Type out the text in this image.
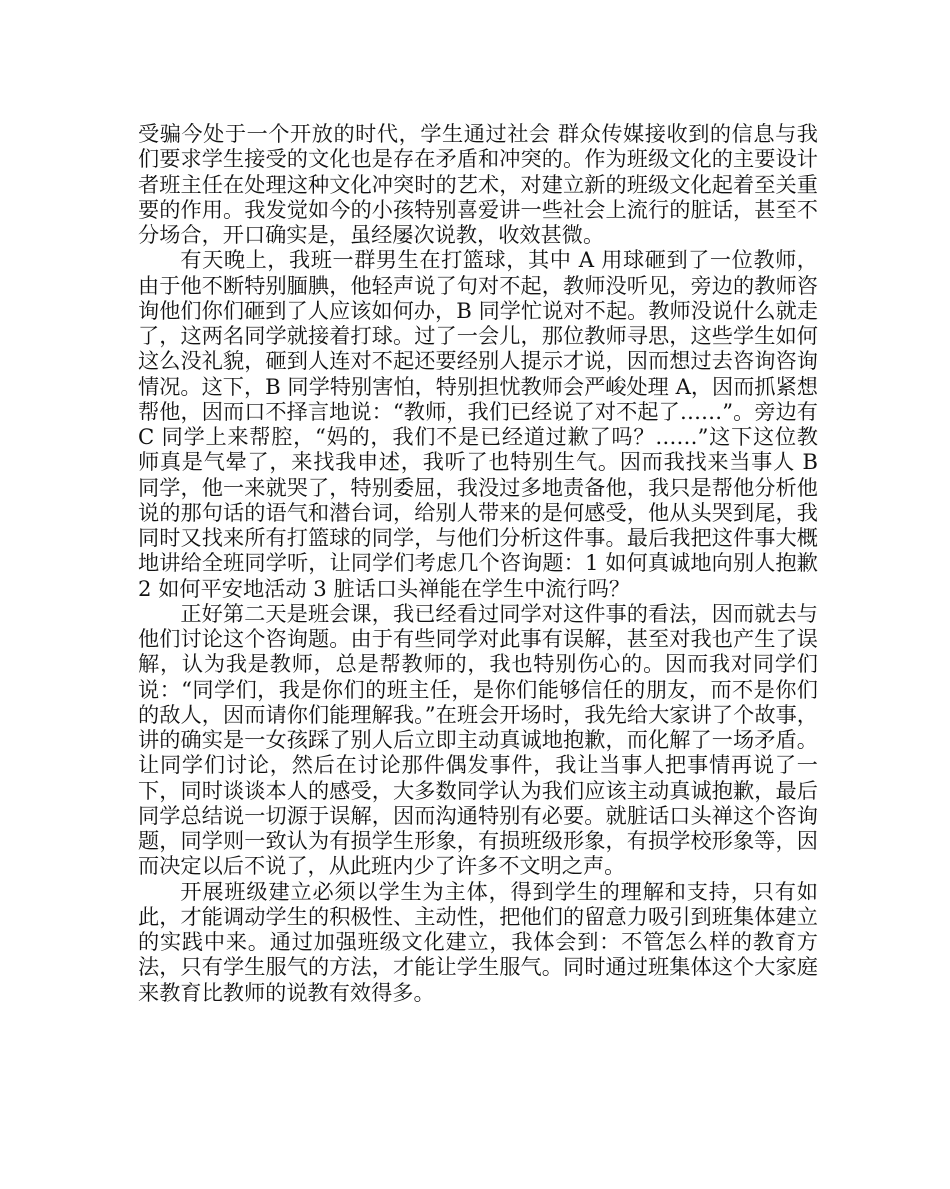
受骗今处于一个开放的时代，学生通过社会 群众传媒接收到的信息与我们要求学生接受的文化也是存在矛盾和冲突的。作为班级文化的主要设计者班主任在处理这种文化冲突时的艺术，对建立新的班级文化起着至关重要的作用。我发觉如今的小孩特别喜爱讲一些社会上流行的脏话，甚至不分场合，开口确实是，虽经屡次说教，收效甚微。

有天晚上，我班一群男生在打篮球，其中 A 用球砸到了一位教师，由于他不断特别腼腆，他轻声说了句对不起，教师没听见，旁边的教师咨询他们你们砸到了人应该如何办，B 同学忙说对不起。教师没说什么就走了，这两名同学就接着打球。过了一会儿，那位教师寻思，这些学生如何这么没礼貌，砸到人连对不起还要经别人提示才说，因而想过去咨询咨询情况。这下，B 同学特别害怕，特别担忧教师会严峻处理 A，因而抓紧想帮他，因而口不择言地说：“教师，我们已经说了对不起了……”。旁边有 C 同学上来帮腔，“妈的，我们不是已经道过歉了吗？……”这下这位教师真是气晕了，来找我申述，我听了也特别生气。因而我找来当事人 B 同学，他一来就哭了，特别委屈，我没过多地责备他，我只是帮他分析他说的那句话的语气和潜台词，给别人带来的是何感受，他从头哭到尾，我同时又找来所有打篮球的同学，与他们分析这件事。最后我把这件事大概地讲给全班同学听，让同学们考虑几个咨询题：1 如何真诚地向别人抱歉 2 如何平安地活动 3 脏话口头禅能在学生中流行吗？

正好第二天是班会课，我已经看过同学对这件事的看法，因而就去与他们讨论这个咨询题。由于有些同学对此事有误解，甚至对我也产生了误解，认为我是教师，总是帮教师的，我也特别伤心的。因而我对同学们说：“同学们，我是你们的班主任，是你们能够信任的朋友，而不是你们的敌人，因而请你们能理解我。”在班会开场时，我先给大家讲了个故事，讲的确实是一女孩踩了别人后立即主动真诚地抱歉，而化解了一场矛盾。让同学们讨论，然后在讨论那件偶发事件，我让当事人把事情再说了一下，同时谈谈本人的感受，大多数同学认为我们应该主动真诚抱歉，最后同学总结说一切源于误解，因而沟通特别有必要。就脏话口头禅这个咨询题，同学则一致认为有损学生形象，有损班级形象，有损学校形象等，因而决定以后不说了，从此班内少了许多不文明之声。

开展班级建立必须以学生为主体，得到学生的理解和支持，只有如此，才能调动学生的积极性、主动性，把他们的留意力吸引到班集体建立的实践中来。通过加强班级文化建立，我体会到：不管怎么样的教育方法，只有学生服气的方法，才能让学生服气。同时通过班集体这个大家庭来教育比教师的说教有效得多。
